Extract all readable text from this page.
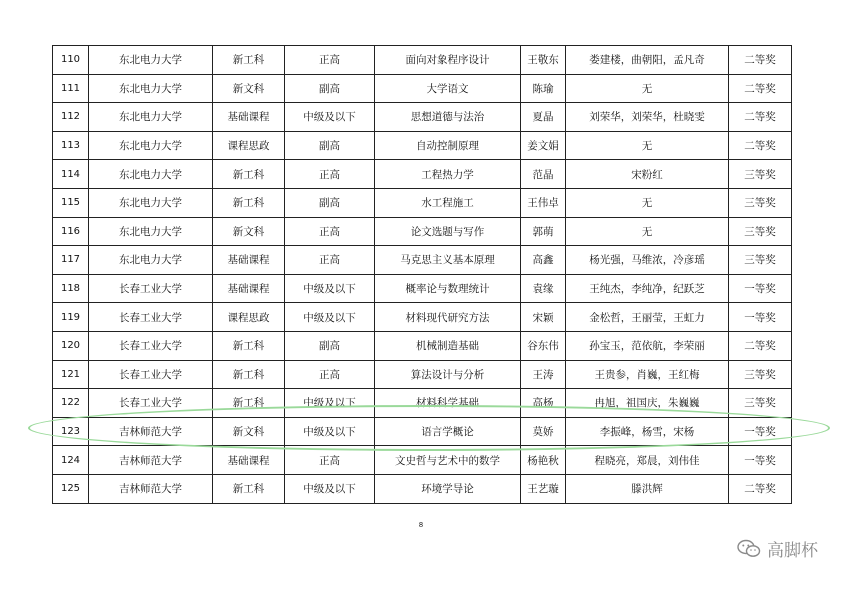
110	东北电力大学	新工科	正高	面向对象程序设计	王敬东	娄建楼，曲朝阳，孟凡奇	二等奖
111	东北电力大学	新文科	副高	大学语文	陈瑜	无	二等奖
112	东北电力大学	基础课程	中级及以下	思想道德与法治	夏晶	刘荣华，刘荣华，杜晓雯	二等奖
113	东北电力大学	课程思政	副高	自动控制原理	姜文娟	无	二等奖
114	东北电力大学	新工科	正高	工程热力学	范晶	宋粉红	三等奖
115	东北电力大学	新工科	副高	水工程施工	王伟卓	无	三等奖
116	东北电力大学	新文科	正高	论文选题与写作	郭萌	无	三等奖
117	东北电力大学	基础课程	正高	马克思主义基本原理	高鑫	杨光强，马维浓，冷彦瑶	三等奖
118	长春工业大学	基础课程	中级及以下	概率论与数理统计	袁缘	王纯杰，李纯净，纪跃芝	一等奖
119	长春工业大学	课程思政	中级及以下	材料现代研究方法	宋颖	金松哲，王丽莹，王虹力	一等奖
120	长春工业大学	新工科	副高	机械制造基础	谷东伟	孙宝玉，范依航，李荣丽	二等奖
121	长春工业大学	新工科	正高	算法设计与分析	王涛	王贵参，肖巍，王红梅	三等奖
122	长春工业大学	新工科	中级及以下	材料科学基础	高杨	冉旭，祖国庆，朱巍巍	三等奖
123	吉林师范大学	新文科	中级及以下	语言学概论	莫娇	李振峰，杨雪，宋杨	一等奖
124	吉林师范大学	基础课程	正高	文史哲与艺术中的数学	杨艳秋	程晓亮，郑晨，刘伟佳	一等奖
125	吉林师范大学	新工科	中级及以下	环境学导论	王艺璇	滕洪辉	二等奖
8
高脚杯
